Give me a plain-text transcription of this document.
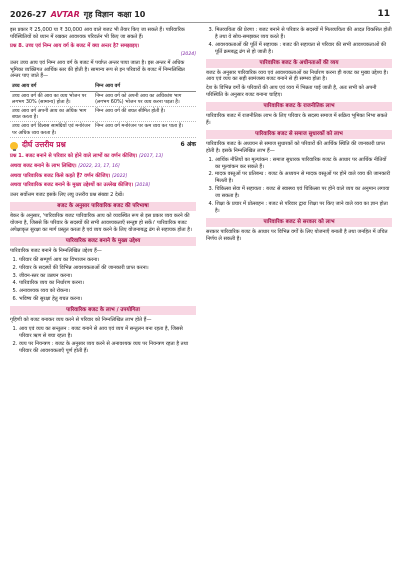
2026-27 AVTAR गृह विज्ञान कक्षा 10	11

इस प्रकार ₹ 25,000 या ₹ 30,000 आय वाले बजट भी तैयार किए जा सकते हैं। पारिवारिक परिस्थितियों को ध्यान में रखकर आवश्यक परिवर्तन भी किए जा सकते हैं।

प्रश्न 8. उच्च एवं निम्न आय वर्ग के बजट में क्या अन्तर है? समझाइए।

[2024]

उत्तर उच्च आय एवं निम्न आय वर्ग के बजट में पर्याप्त अन्तर पाया जाता है। इस अन्तर में अधिक भूमिका व्यक्तिगत आर्थिक स्तर की होती है। सामान्य रूप से इन परिवारों के बजट में निम्नलिखित अन्तर पाए जाते हैं—

उच्च आय वर्ग	निम्न आय वर्ग
उच्च आय वर्ग की आय का व्यय भोजन पर लगभग 30% (सामान्य) होता है।	निम्न आय वर्ग को अपनी आय का अधिकांश भाग (लगभग 60%) भोजन पर व्यय करना पड़ता है।
उच्च आय वर्ग अपनी आय का अधिक भाग बचत करता है।	निम्न आय वर्ग की बचत सीमित होती है।
उच्च आय वर्ग विलास सामग्रियों एवं मनोरंजन पर अधिक व्यय करता है।	निम्न आय वर्ग मनोरंजन पर कम व्यय कर पाता है।
दीर्घ उत्तरीय प्रश्न	6 अंक

प्रश्न 1. बजट बनाने से परिवार को होने वाले लाभों का वर्णन कीजिए। [2017, 13]

अथवा बजट बनाने के लाभ लिखिए। [2022, 23, 17, 16]

अथवा पारिवारिक बजट किसे कहते हैं? वर्णन कीजिए। [2022]

अथवा पारिवारिक बजट बनाने के मुख्य उद्देश्यों का उल्लेख कीजिए। [2018]

उत्तर सर्वोत्तम बजट इसके लिए लघु उत्तरीय प्रश्न संख्या 2 देखें।

बजट के अनुसार पारिवारिक बजट की परिभाषा

बेकर के अनुसार, 'पारिवारिक बजट पारिवारिक आय को व्यवस्थित रूप से इस प्रकार व्यय करने की योजना है, जिससे कि परिवार के सदस्यों की सभी आवश्यकताएँ सन्तुष्ट हो सकें।' पारिवारिक बजट अपेक्षाकृत सुरक्षा का मार्ग प्रस्तुत करता है एवं व्यय करने के लिए योजनाबद्ध ढंग से सहायक होता है।

पारिवारिक बजट बनाने के मुख्य उद्देश्य

पारिवारिक बजट बनाने के निम्नलिखित उद्देश्य हैं—

1. परिवार की सम्पूर्ण आय का विभाजन करना।
2. परिवार के सदस्यों की विभिन्न आवश्यकताओं की जानकारी प्राप्त करना।
3. जीवन-स्तर का उन्नयन करना।
4. पारिवारिक व्यय का निर्धारण करना।
5. अनावश्यक व्यय को रोकना।
6. भविष्य की सुरक्षा हेतु बचत करना।
पारिवारिक बजट के लाभ / उपयोगिता

गृहिणी को बजट बनाकर व्यय करने से परिवार को निम्नलिखित लाभ होते हैं—

1. आय एवं व्यय का सन्तुलन : बजट बनाने से आय एवं व्यय में सन्तुलन बना रहता है, जिससे परिवार ऋण से बचा रहता है।
2. व्यय पर नियन्त्रण : बजट के अनुसार व्यय करने से अनावश्यक व्यय पर नियन्त्रण रहता है तथा परिवार की आवश्यकताएँ पूर्ण होती हैं।
3. मितव्ययिता की प्रेरणा : बजट बनाने से परिवार के सदस्यों में मितव्ययिता की आदत विकसित होती है तथा वे सोच-समझकर व्यय करते हैं।
4. आवश्यकताओं की पूर्ति में सहायक : बजट की सहायता से परिवार की सभी आवश्यकताओं की पूर्ति क्रमबद्ध ढंग से हो जाती है।
पारिवारिक बजट के अधीनताओं की व्यय

बजट के अनुसार पारिवारिक व्यय एवं आवश्यकताओं का निर्धारण करना ही बजट का मुख्य उद्देश्य है। आय एवं व्यय का सही सामंजस्य बजट बनाने से ही सम्भव होता है।

देश के विभिन्न वर्गों के परिवारों की आय एवं व्यय में भिन्नता पाई जाती है, अतः सभी को अपनी परिस्थिति के अनुसार बजट बनाना चाहिए।

पारिवारिक बजट के राजनीतिक लाभ

पारिवारिक बजट में राजनीतिक लाभ के लिए परिवार के सदस्य समाज में सक्रिय भूमिका निभा सकते हैं।

पारिवारिक बजट से समाज सुधारकों को लाभ

पारिवारिक बजट के अध्ययन से समाज सुधारकों को परिवारों की आर्थिक स्थिति की जानकारी प्राप्त होती है। इसके निम्नलिखित लाभ हैं—

1. आर्थिक नीतियों का मूल्यांकन : समाज सुधारक पारिवारिक बजट के आधार पर आर्थिक नीतियों का मूल्यांकन कर सकते हैं।
2. मादक वस्तुओं पर प्रतिबन्ध : बजट के अध्ययन से मादक वस्तुओं पर होने वाले व्यय की जानकारी मिलती है।
3. चिकित्सा सेवा में सहायता : बजट से स्वास्थ्य एवं चिकित्सा पर होने वाले व्यय का अनुमान लगाया जा सकता है।
4. शिक्षा के प्रचार में प्रोत्साहन : बजट से परिवार द्वारा शिक्षा पर किए जाने वाले व्यय का ज्ञान होता है।
पारिवारिक बजट से सरकार को लाभ

सरकार पारिवारिक बजट के आधार पर विभिन्न वर्गों के लिए योजनाएँ बनाती है तथा जनहित में उचित निर्णय ले सकती है।
